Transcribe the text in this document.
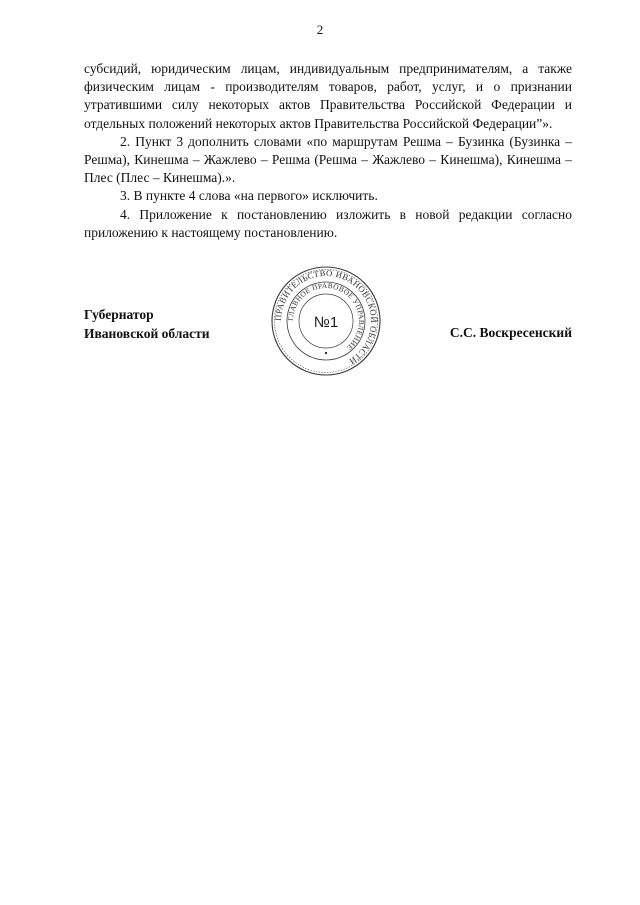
2

субсидий, юридическим лицам, индивидуальным предпринимателям, а также физическим лицам - производителям товаров, работ, услуг, и о признании утратившими силу некоторых актов Правительства Российской Федерации и отдельных положений некоторых актов Правительства Российской Федерации”».

2. Пункт 3 дополнить словами «по маршрутам Решма – Бузинка (Бузинка – Решма), Кинешма – Жажлево – Решма (Решма – Жажлево – Кинешма), Кинешма – Плес (Плес – Кинешма).».

3. В пункте 4 слова «на первого» исключить.

4. Приложение к постановлению изложить в новой редакции согласно приложению к настоящему постановлению.

Губернатор
Ивановской области	С.С. Воскресенский
ПРАВИТЕЛЬСТВО ИВАНОВСКОЙ ОБЛАСТИ
ГЛАВНОЕ ПРАВОВОЕ УПРАВЛЕНИЕ
№1
